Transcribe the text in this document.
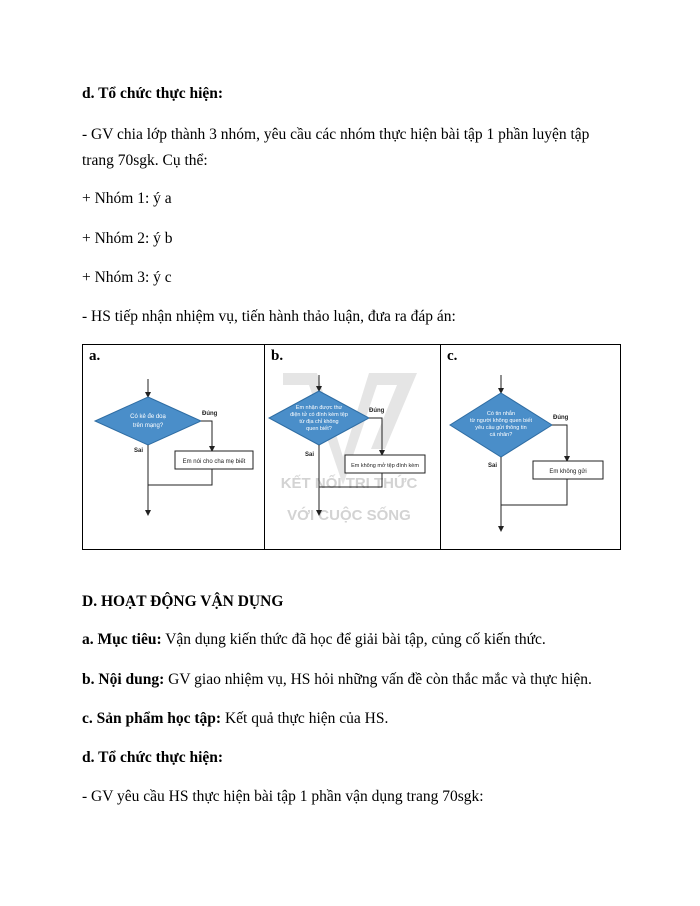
d. Tổ chức thực hiện:
- GV chia lớp thành 3 nhóm, yêu cầu các nhóm thực hiện bài tập 1 phần luyện tập trang 70sgk. Cụ thể:
+ Nhóm 1: ý a
+ Nhóm 2: ý b
+ Nhóm 3: ý c
- HS tiếp nhận nhiệm vụ, tiến hành thảo luận, đưa ra đáp án:
a.
Có kẻ đe doạ
trên mạng?
Đúng
Em nói cho cha mẹ biết
Sai

b.
KẾT NỐI TRI THỨC
VỚI CUỘC SỐNG
Em nhận được thư
điện tử có đính kèm tệp
từ địa chỉ không
quen biết?
Đúng
Em không mở tệp đính kèm
Sai

c.
Có tin nhắn
từ người không quen biết
yêu cầu gửi thông tin
cá nhân?
Đúng
Em không gửi
Sai
D. HOẠT ĐỘNG VẬN DỤNG
a. Mục tiêu: Vận dụng kiến thức đã học để giải bài tập, củng cố kiến thức.
b. Nội dung: GV giao nhiệm vụ, HS hỏi những vấn đề còn thắc mắc và thực hiện.
c. Sản phẩm học tập: Kết quả thực hiện của HS.
d. Tổ chức thực hiện:
- GV yêu cầu HS thực hiện bài tập 1 phần vận dụng trang 70sgk:
